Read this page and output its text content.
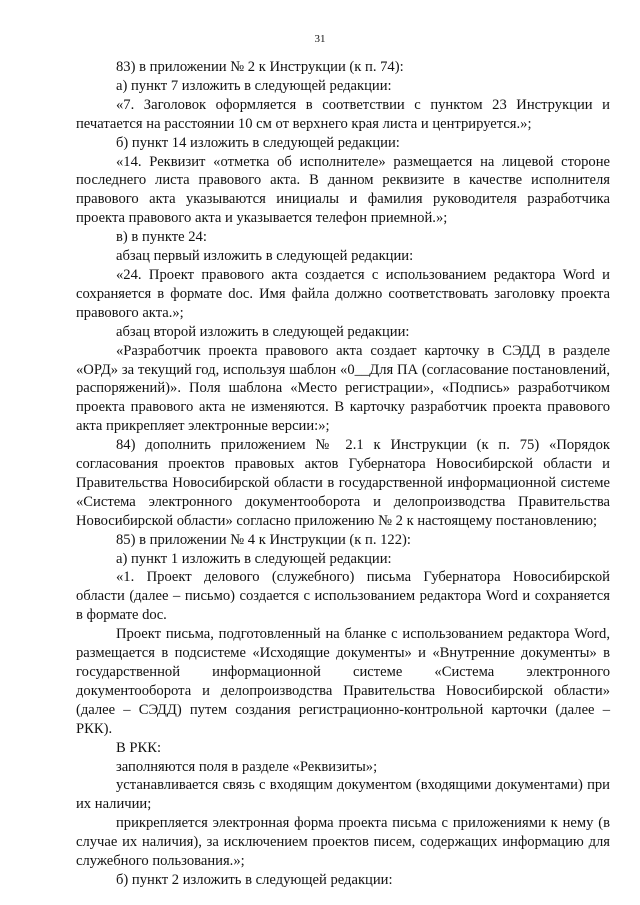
31

83) в приложении № 2 к Инструкции (к п. 74):

а) пункт 7 изложить в следующей редакции:

«7. Заголовок оформляется в соответствии с пунктом 23 Инструкции и печатается на расстоянии 10 см от верхнего края листа и центрируется.»;

б) пункт 14 изложить в следующей редакции:

«14. Реквизит «отметка об исполнителе» размещается на лицевой стороне последнего листа правового акта. В данном реквизите в качестве исполнителя правового акта указываются инициалы и фамилия руководителя разработчика проекта правового акта и указывается телефон приемной.»;

в) в пункте 24:

абзац первый изложить в следующей редакции:

«24. Проект правового акта создается с использованием редактора Word и сохраняется в формате doc. Имя файла должно соответствовать заголовку проекта правового акта.»;

абзац второй изложить в следующей редакции:

«Разработчик проекта правового акта создает карточку в СЭДД в разделе «ОРД» за текущий год, используя шаблон «0__Для ПА (согласование постановлений, распоряжений)». Поля шаблона «Место регистрации», «Подпись» разработчиком проекта правового акта не изменяются. В карточку разработчик проекта правового акта прикрепляет электронные версии:»;

84) дополнить приложением № 2.1 к Инструкции (к п. 75) «Порядок согласования проектов правовых актов Губернатора Новосибирской области и Правительства Новосибирской области в государственной информационной системе «Система электронного документооборота и делопроизводства Правительства Новосибирской области» согласно приложению № 2 к настоящему постановлению;

85) в приложении № 4 к Инструкции (к п. 122):

а) пункт 1 изложить в следующей редакции:

«1. Проект делового (служебного) письма Губернатора Новосибирской области (далее – письмо) создается с использованием редактора Word и сохраняется в формате doc.

Проект письма, подготовленный на бланке с использованием редактора Word, размещается в подсистеме «Исходящие документы» и «Внутренние документы» в государственной информационной системе «Система электронного документооборота и делопроизводства Правительства Новосибирской области» (далее – СЭДД) путем создания регистрационно-контрольной карточки (далее – РКК).

В РКК:

заполняются поля в разделе «Реквизиты»;

устанавливается связь с входящим документом (входящими документами) при их наличии;

прикрепляется электронная форма проекта письма с приложениями к нему (в случае их наличия), за исключением проектов писем, содержащих информацию для служебного пользования.»;

б) пункт 2 изложить в следующей редакции:
